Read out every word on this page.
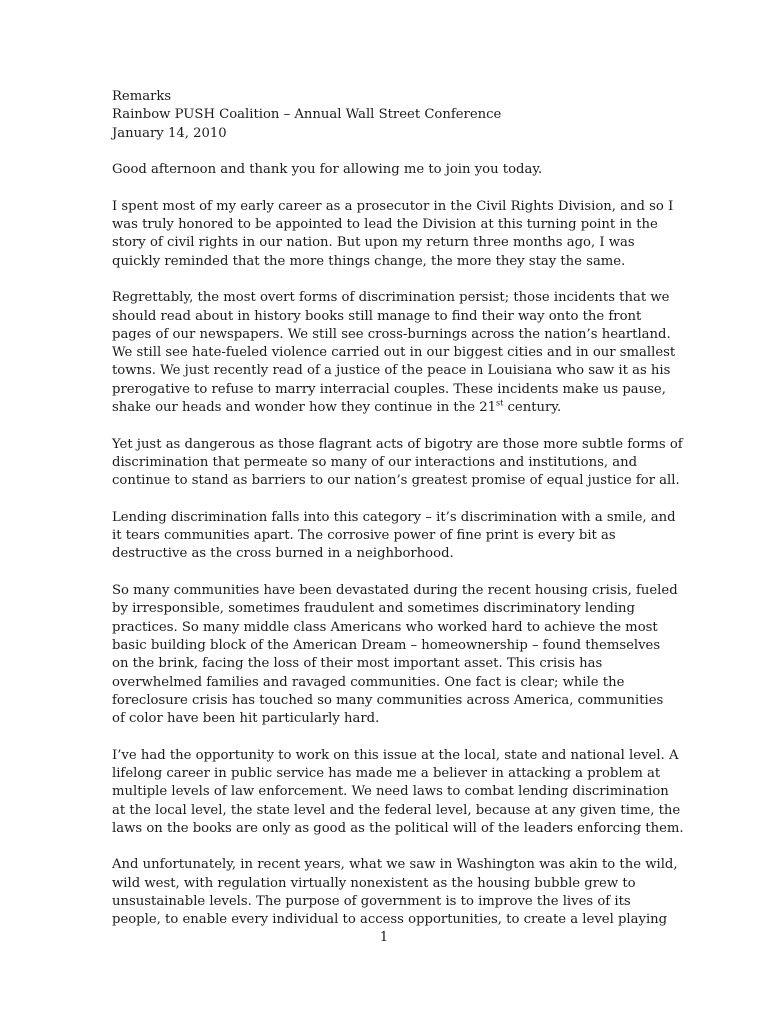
Remarks
Rainbow PUSH Coalition – Annual Wall Street Conference
January 14, 2010
Good afternoon and thank you for allowing me to join you today.
I spent most of my early career as a prosecutor in the Civil Rights Division, and so I
was truly honored to be appointed to lead the Division at this turning point in the
story of civil rights in our nation. But upon my return three months ago, I was
quickly reminded that the more things change, the more they stay the same.
Regrettably, the most overt forms of discrimination persist; those incidents that we
should read about in history books still manage to find their way onto the front
pages of our newspapers. We still see cross-burnings across the nation’s heartland.
We still see hate-fueled violence carried out in our biggest cities and in our smallest
towns. We just recently read of a justice of the peace in Louisiana who saw it as his
prerogative to refuse to marry interracial couples. These incidents make us pause,
shake our heads and wonder how they continue in the 21st century.
Yet just as dangerous as those flagrant acts of bigotry are those more subtle forms of
discrimination that permeate so many of our interactions and institutions, and
continue to stand as barriers to our nation’s greatest promise of equal justice for all.
Lending discrimination falls into this category – it’s discrimination with a smile, and
it tears communities apart. The corrosive power of fine print is every bit as
destructive as the cross burned in a neighborhood.
So many communities have been devastated during the recent housing crisis, fueled
by irresponsible, sometimes fraudulent and sometimes discriminatory lending
practices. So many middle class Americans who worked hard to achieve the most
basic building block of the American Dream – homeownership – found themselves
on the brink, facing the loss of their most important asset. This crisis has
overwhelmed families and ravaged communities. One fact is clear; while the
foreclosure crisis has touched so many communities across America, communities
of color have been hit particularly hard.
I’ve had the opportunity to work on this issue at the local, state and national level. A
lifelong career in public service has made me a believer in attacking a problem at
multiple levels of law enforcement. We need laws to combat lending discrimination
at the local level, the state level and the federal level, because at any given time, the
laws on the books are only as good as the political will of the leaders enforcing them.
And unfortunately, in recent years, what we saw in Washington was akin to the wild,
wild west, with regulation virtually nonexistent as the housing bubble grew to
unsustainable levels. The purpose of government is to improve the lives of its
people, to enable every individual to access opportunities, to create a level playing
1
